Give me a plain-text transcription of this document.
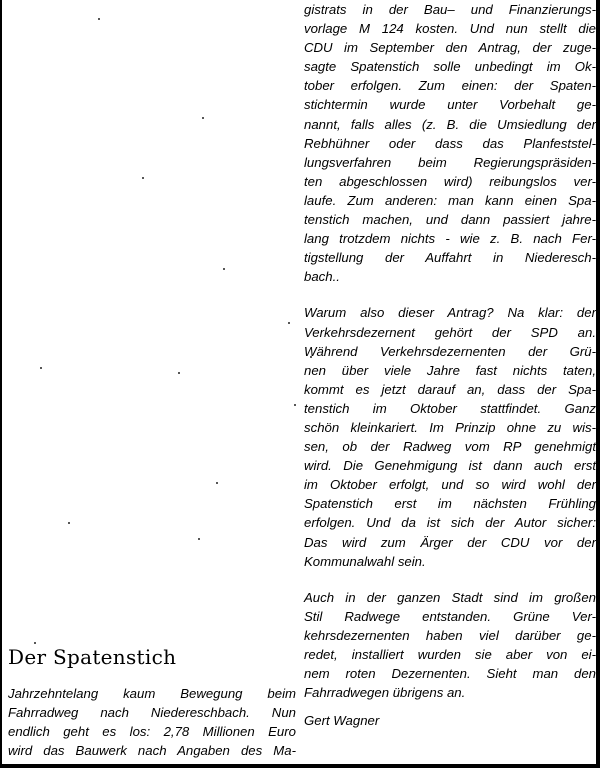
Der Spatenstich
Jahrzehntelang kaum Bewegung beim
Fahrradweg nach Niedereschbach. Nun
endlich geht es los: 2,78 Millionen Euro
wird das Bauwerk nach Angaben des Ma-
gistrats in der Bau– und Finanzierungs-
vorlage M 124 kosten. Und nun stellt die
CDU im September den Antrag, der zuge-
sagte Spatenstich solle unbedingt im Ok-
tober erfolgen. Zum einen: der Spaten-
stichtermin wurde unter Vorbehalt ge-
nannt, falls alles (z. B. die Umsiedlung der
Rebhühner oder dass das Planfeststel-
lungsverfahren beim Regierungspräsiden-
ten abgeschlossen wird) reibungslos ver-
laufe. Zum anderen: man kann einen Spa-
tenstich machen, und dann passiert jahre-
lang trotzdem nichts - wie z. B. nach Fer-
tigstellung der Auffahrt in Niederesch-
bach..
Warum also dieser Antrag? Na klar: der
Verkehrsdezernent gehört der SPD an.
Während Verkehrsdezernenten der Grü-
nen über viele Jahre fast nichts taten,
kommt es jetzt darauf an, dass der Spa-
tenstich im Oktober stattfindet. Ganz
schön kleinkariert. Im Prinzip ohne zu wis-
sen, ob der Radweg vom RP genehmigt
wird. Die Genehmigung ist dann auch erst
im Oktober erfolgt, und so wird wohl der
Spatenstich erst im nächsten Frühling
erfolgen. Und da ist sich der Autor sicher:
Das wird zum Ärger der CDU vor der
Kommunalwahl sein.
Auch in der ganzen Stadt sind im großen
Stil Radwege entstanden. Grüne Ver-
kehrsdezernenten haben viel darüber ge-
redet, installiert wurden sie aber von ei-
nem roten Dezernenten. Sieht man den
Fahrradwegen übrigens an.
Gert Wagner
